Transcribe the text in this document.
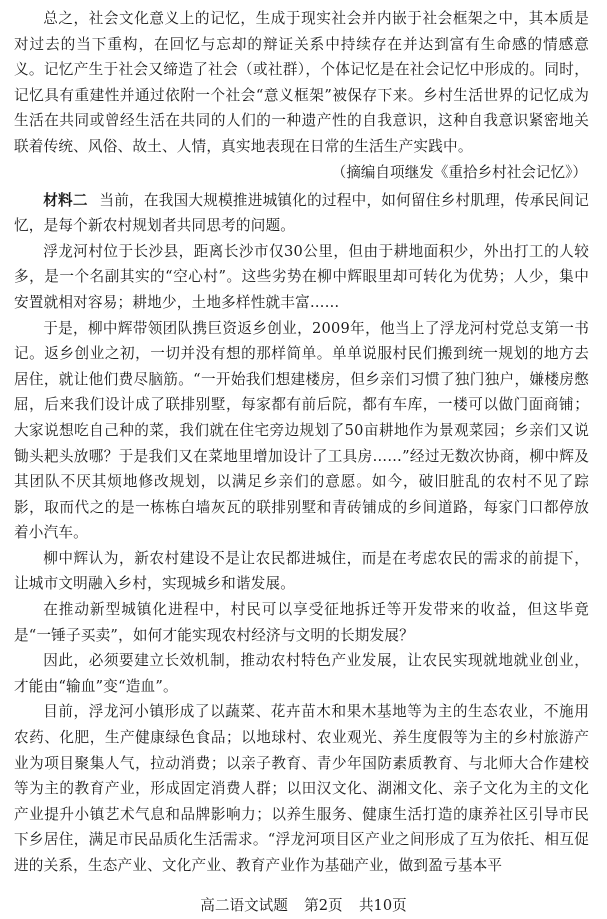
总之，社会文化意义上的记忆，生成于现实社会并内嵌于社会框架之中，其本质是对过去的当下重构，在回忆与忘却的辩证关系中持续存在并达到富有生命感的情感意义。记忆产生于社会又缔造了社会（或社群），个体记忆是在社会记忆中形成的。同时，记忆具有重建性并通过依附一个社会“意义框架”被保存下来。乡村生活世界的记忆成为生活在共同或曾经生活在共同的人们的一种遗产性的自我意识，这种自我意识紧密地关联着传统、风俗、故土、人情，真实地表现在日常的生活生产实践中。

（摘编自项继发《重拾乡村社会记忆》）

材料二 当前，在我国大规模推进城镇化的过程中，如何留住乡村肌理，传承民间记忆，是每个新农村规划者共同思考的问题。

浮龙河村位于长沙县，距离长沙市仅30公里，但由于耕地面积少，外出打工的人较多，是一个名副其实的“空心村”。这些劣势在柳中辉眼里却可转化为优势；人少，集中安置就相对容易；耕地少，土地多样性就丰富……

于是，柳中辉带领团队携巨资返乡创业，2009年，他当上了浮龙河村党总支第一书记。返乡创业之初，一切并没有想的那样简单。单单说服村民们搬到统一规划的地方去居住，就让他们费尽脑筋。“一开始我们想建楼房，但乡亲们习惯了独门独户，嫌楼房憋屈，后来我们设计成了联排别墅，每家都有前后院，都有车库，一楼可以做门面商铺；大家说想吃自己种的菜，我们就在住宅旁边规划了50亩耕地作为景观菜园；乡亲们又说锄头耙头放哪？于是我们又在菜地里增加设计了工具房……”经过无数次协商，柳中辉及其团队不厌其烦地修改规划，以满足乡亲们的意愿。如今，破旧脏乱的农村不见了踪影，取而代之的是一栋栋白墙灰瓦的联排别墅和青砖铺成的乡间道路，每家门口都停放着小汽车。

柳中辉认为，新农村建设不是让农民都进城住，而是在考虑农民的需求的前提下，让城市文明融入乡村，实现城乡和谐发展。

在推动新型城镇化进程中，村民可以享受征地拆迁等开发带来的收益，但这毕竟是“一锤子买卖”，如何才能实现农村经济与文明的长期发展？

因此，必须要建立长效机制，推动农村特色产业发展，让农民实现就地就业创业，才能由“输血”变“造血”。

目前，浮龙河小镇形成了以蔬菜、花卉苗木和果木基地等为主的生态农业，不施用农药、化肥，生产健康绿色食品；以地球村、农业观光、养生度假等为主的乡村旅游产业为项目聚集人气，拉动消费；以亲子教育、青少年国防素质教育、与北师大合作建校等为主的教育产业，形成固定消费人群；以田汉文化、湖湘文化、亲子文化为主的文化产业提升小镇艺术气息和品牌影响力；以养生服务、健康生活打造的康养社区引导市民下乡居住，满足市民品质化生活需求。“浮龙河项目区产业之间形成了互为依托、相互促进的关系，生态产业、文化产业、教育产业作为基础产业，做到盈亏基本平

高二语文试题 第2页 共10页
